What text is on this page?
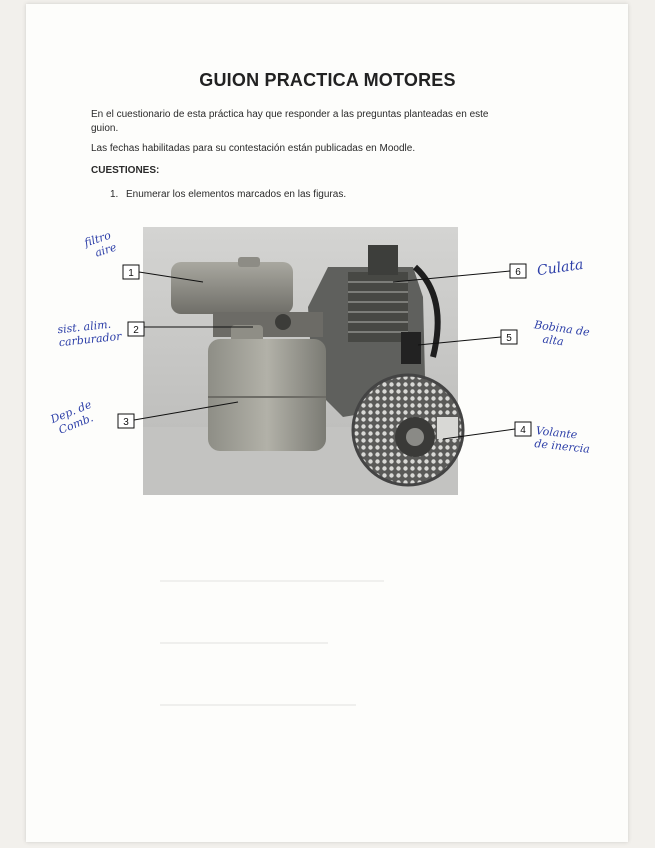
GUION PRACTICA MOTORES
En el cuestionario de esta práctica hay que responder a las preguntas planteadas en este guion.
Las fechas habilitadas para su contestación están publicadas en Moodle.
CUESTIONES:
1. Enumerar los elementos marcados en las figuras.
1
2
3
4
5
6
filtro
aire
sist. alim.
carburador
Dep. de
Comb.
Culata
Bobina de
alta
Volante
de inercia
